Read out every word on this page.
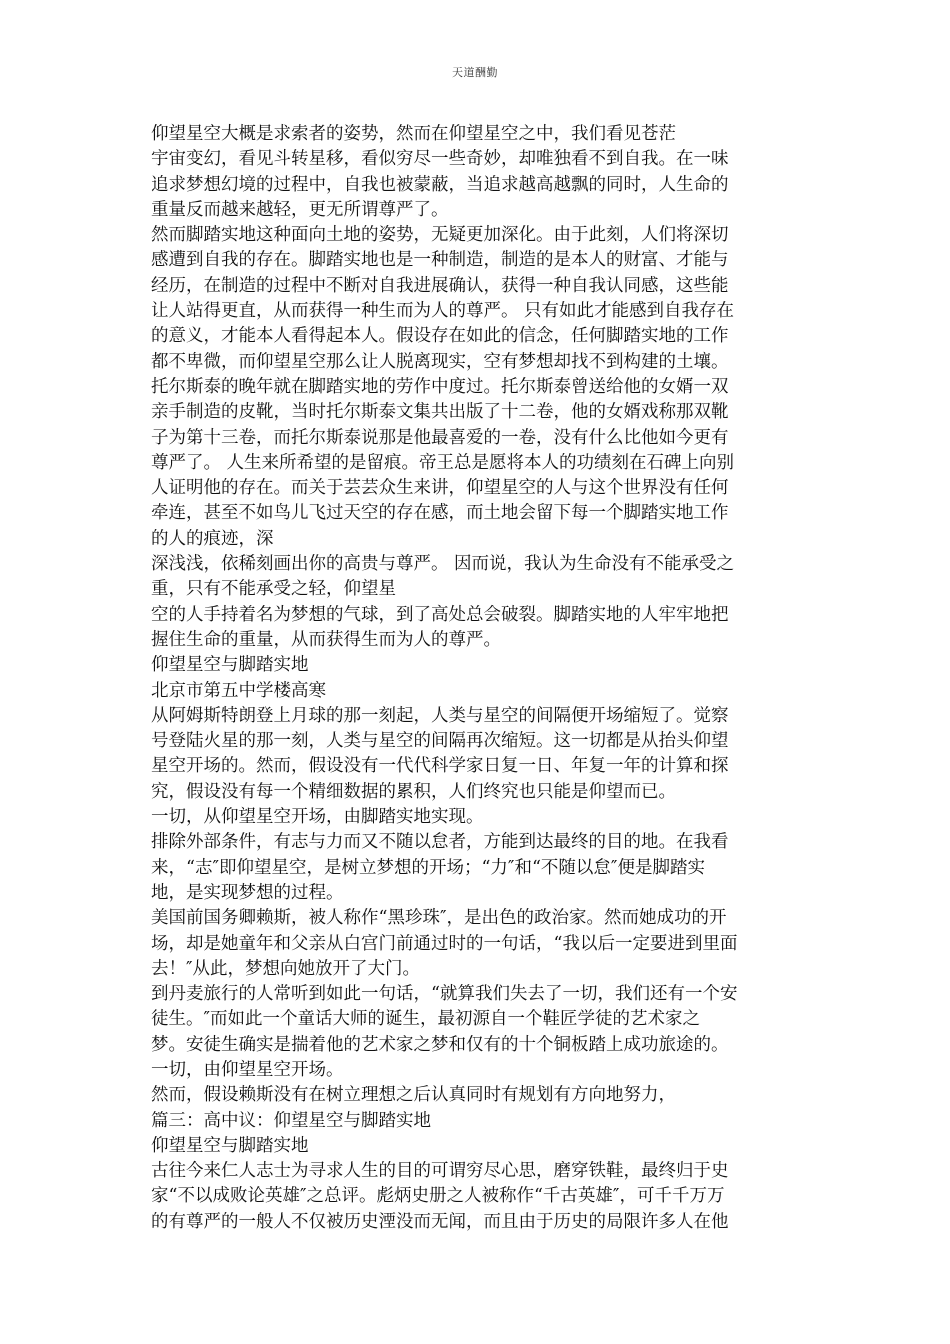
天道酬勤
仰望星空大概是求索者的姿势，然而在仰望星空之中，我们看见苍茫
宇宙变幻，看见斗转星移，看似穷尽一些奇妙，却唯独看不到自我。在一味
追求梦想幻境的过程中，自我也被蒙蔽，当追求越高越飘的同时，人生命的
重量反而越来越轻，更无所谓尊严了。
然而脚踏实地这种面向土地的姿势，无疑更加深化。由于此刻，人们将深切
感遭到自我的存在。脚踏实地也是一种制造，制造的是本人的财富、才能与
经历，在制造的过程中不断对自我进展确认，获得一种自我认同感，这些能
让人站得更直，从而获得一种生而为人的尊严。 只有如此才能感到自我存在
的意义，才能本人看得起本人。假设存在如此的信念，任何脚踏实地的工作
都不卑微，而仰望星空那么让人脱离现实，空有梦想却找不到构建的土壤。
托尔斯泰的晚年就在脚踏实地的劳作中度过。托尔斯泰曾送给他的女婿一双
亲手制造的皮靴，当时托尔斯泰文集共出版了十二卷，他的女婿戏称那双靴
子为第十三卷，而托尔斯泰说那是他最喜爱的一卷，没有什么比他如今更有
尊严了。 人生来所希望的是留痕。帝王总是愿将本人的功绩刻在石碑上向别
人证明他的存在。而关于芸芸众生来讲，仰望星空的人与这个世界没有任何
牵连，甚至不如鸟儿飞过天空的存在感，而土地会留下每一个脚踏实地工作
的人的痕迹，深
深浅浅，依稀刻画出你的高贵与尊严。 因而说，我认为生命没有不能承受之
重，只有不能承受之轻，仰望星
空的人手持着名为梦想的气球，到了高处总会破裂。脚踏实地的人牢牢地把
握住生命的重量，从而获得生而为人的尊严。
仰望星空与脚踏实地
北京市第五中学楼高寒
从阿姆斯特朗登上月球的那一刻起，人类与星空的间隔便开场缩短了。觉察
号登陆火星的那一刻，人类与星空的间隔再次缩短。这一切都是从抬头仰望
星空开场的。然而，假设没有一代代科学家日复一日、年复一年的计算和探
究，假设没有每一个精细数据的累积，人们终究也只能是仰望而已。
一切，从仰望星空开场，由脚踏实地实现。
排除外部条件，有志与力而又不随以怠者，方能到达最终的目的地。在我看
来，“志″即仰望星空，是树立梦想的开场；“力″和“不随以怠″便是脚踏实
地，是实现梦想的过程。
美国前国务卿赖斯，被人称作“黑珍珠″，是出色的政治家。然而她成功的开
场，却是她童年和父亲从白宫门前通过时的一句话，“我以后一定要进到里面
去！″从此，梦想向她放开了大门。
到丹麦旅行的人常听到如此一句话，“就算我们失去了一切，我们还有一个安
徒生。″而如此一个童话大师的诞生，最初源自一个鞋匠学徒的艺术家之
梦。安徒生确实是揣着他的艺术家之梦和仅有的十个铜板踏上成功旅途的。
一切，由仰望星空开场。
然而，假设赖斯没有在树立理想之后认真同时有规划有方向地努力，
篇三：高中议：仰望星空与脚踏实地
仰望星空与脚踏实地
古往今来仁人志士为寻求人生的目的可谓穷尽心思，磨穿铁鞋，最终归于史
家“不以成败论英雄″之总评。彪炳史册之人被称作“千古英雄″，可千千万万
的有尊严的一般人不仅被历史湮没而无闻，而且由于历史的局限许多人在他
